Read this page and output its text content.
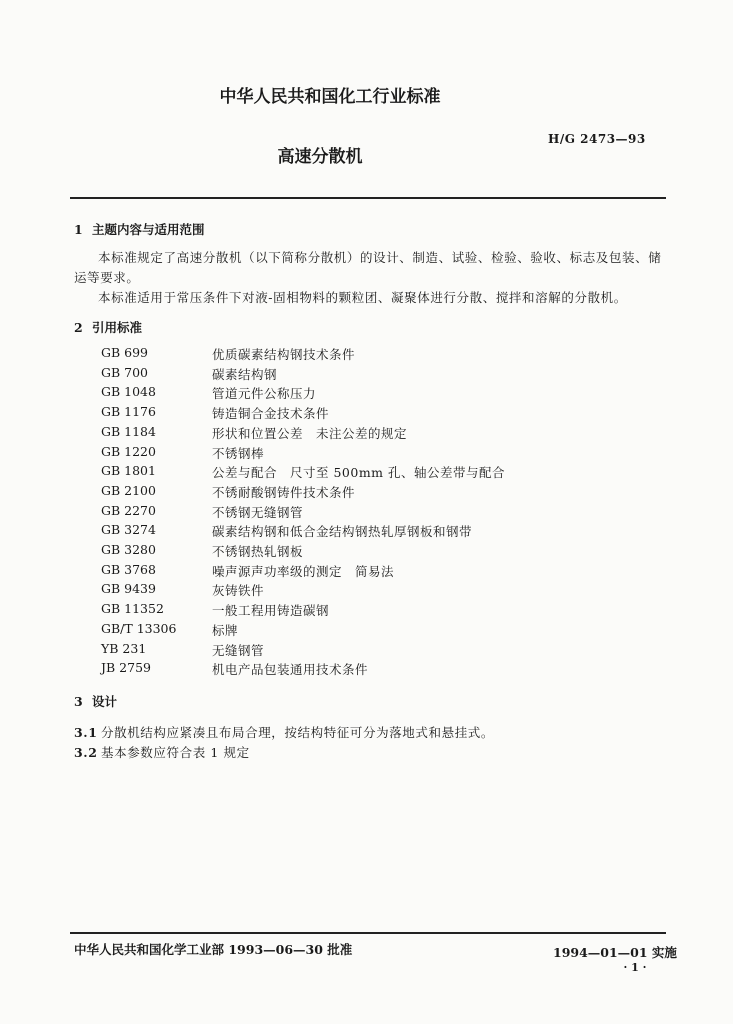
中华人民共和国化工行业标准
高速分散机
H/G 2473—93
1 主题内容与适用范围
本标准规定了高速分散机（以下简称分散机）的设计、制造、试验、检验、验收、标志及包装、储
运等要求。
本标准适用于常压条件下对液-固相物料的颗粒团、凝聚体进行分散、搅拌和溶解的分散机。
2 引用标准
GB 699	优质碳素结构钢技术条件
GB 700	碳素结构钢
GB 1048	管道元件公称压力
GB 1176	铸造铜合金技术条件
GB 1184	形状和位置公差　未注公差的规定
GB 1220	不锈钢棒
GB 1801	公差与配合　尺寸至 500mm 孔、轴公差带与配合
GB 2100	不锈耐酸钢铸件技术条件
GB 2270	不锈钢无缝钢管
GB 3274	碳素结构钢和低合金结构钢热轧厚钢板和钢带
GB 3280	不锈钢热轧钢板
GB 3768	噪声源声功率级的测定　简易法
GB 9439	灰铸铁件
GB 11352	一般工程用铸造碳钢
GB/T 13306	标牌
YB 231	无缝钢管
JB 2759	机电产品包装通用技术条件
3 设计
3.1 分散机结构应紧凑且布局合理，按结构特征可分为落地式和悬挂式。
3.2 基本参数应符合表 1 规定
中华人民共和国化学工业部 1993—06—30 批准	1994—01—01 实施
· 1 ·
